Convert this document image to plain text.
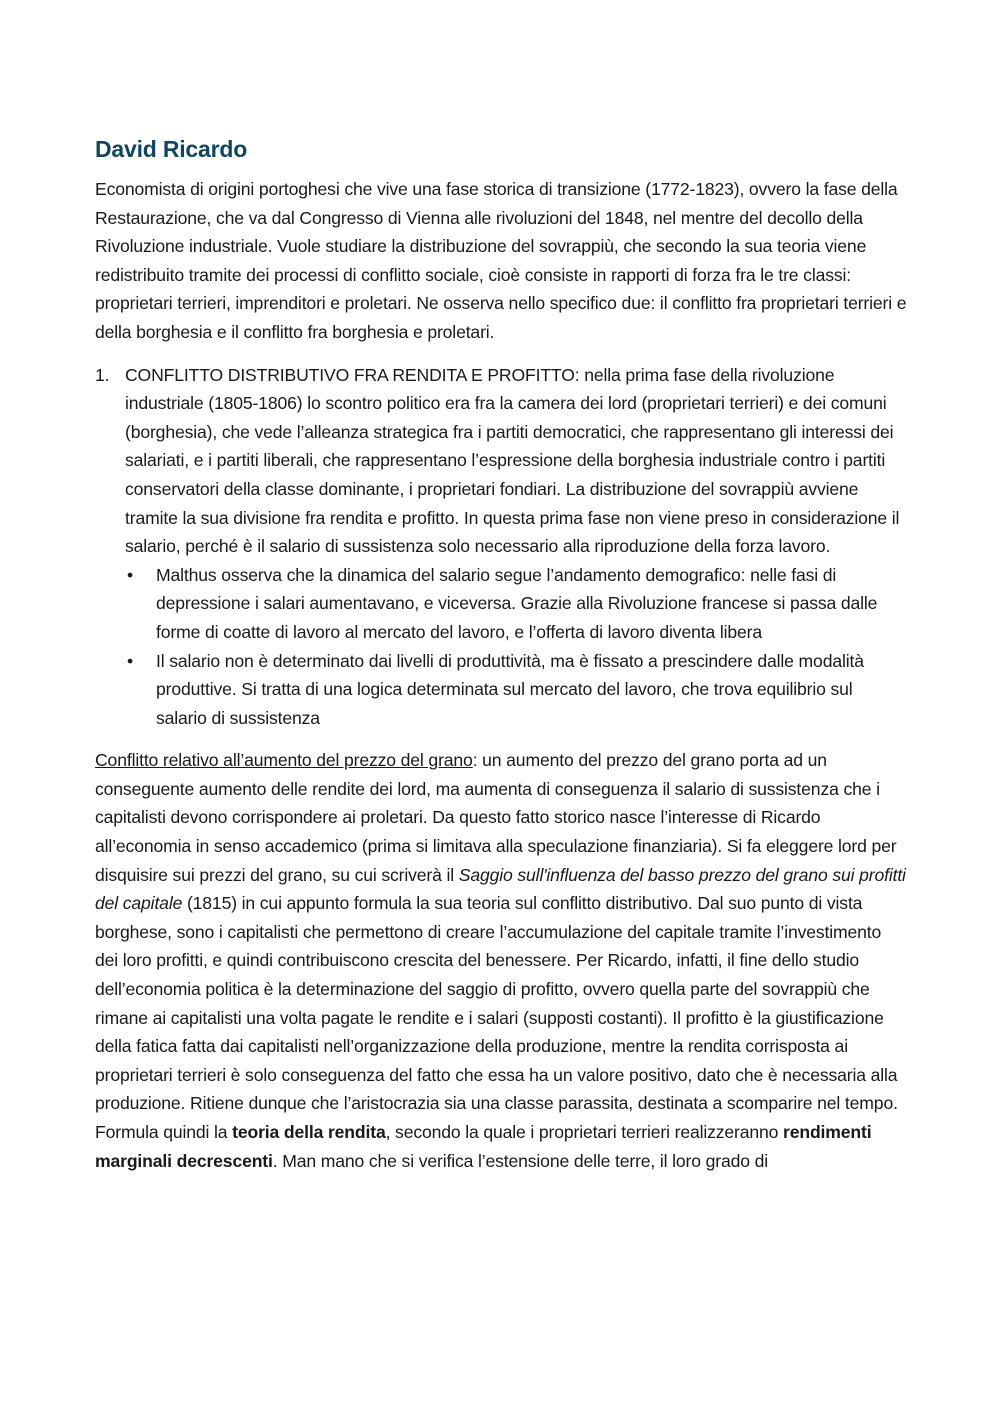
David Ricardo

Economista di origini portoghesi che vive una fase storica di transizione (1772-1823), ovvero la fase della Restaurazione, che va dal Congresso di Vienna alle rivoluzioni del 1848, nel mentre del decollo della Rivoluzione industriale. Vuole studiare la distribuzione del sovrappiù, che secondo la sua teoria viene redistribuito tramite dei processi di conflitto sociale, cioè consiste in rapporti di forza fra le tre classi: proprietari terrieri, imprenditori e proletari. Ne osserva nello specifico due: il conflitto fra proprietari terrieri e della borghesia e il conflitto fra borghesia e proletari.

1. CONFLITTO DISTRIBUTIVO FRA RENDITA E PROFITTO: nella prima fase della rivoluzione industriale (1805-1806) lo scontro politico era fra la camera dei lord (proprietari terrieri) e dei comuni (borghesia), che vede l’alleanza strategica fra i partiti democratici, che rappresentano gli interessi dei salariati, e i partiti liberali, che rappresentano l’espressione della borghesia industriale contro i partiti conservatori della classe dominante, i proprietari fondiari. La distribuzione del sovrappiù avviene tramite la sua divisione fra rendita e profitto. In questa prima fase non viene preso in considerazione il salario, perché è il salario di sussistenza solo necessario alla riproduzione della forza lavoro.
• Malthus osserva che la dinamica del salario segue l’andamento demografico: nelle fasi di depressione i salari aumentavano, e viceversa. Grazie alla Rivoluzione francese si passa dalle forme di coatte di lavoro al mercato del lavoro, e l’offerta di lavoro diventa libera
• Il salario non è determinato dai livelli di produttività, ma è fissato a prescindere dalle modalità produttive. Si tratta di una logica determinata sul mercato del lavoro, che trova equilibrio sul salario di sussistenza

Conflitto relativo all’aumento del prezzo del grano: un aumento del prezzo del grano porta ad un conseguente aumento delle rendite dei lord, ma aumenta di conseguenza il salario di sussistenza che i capitalisti devono corrispondere ai proletari. Da questo fatto storico nasce l’interesse di Ricardo all’economia in senso accademico (prima si limitava alla speculazione finanziaria). Si fa eleggere lord per disquisire sui prezzi del grano, su cui scriverà il Saggio sull'influenza del basso prezzo del grano sui profitti del capitale (1815) in cui appunto formula la sua teoria sul conflitto distributivo. Dal suo punto di vista borghese, sono i capitalisti che permettono di creare l’accumulazione del capitale tramite l’investimento dei loro profitti, e quindi contribuiscono crescita del benessere. Per Ricardo, infatti, il fine dello studio dell’economia politica è la determinazione del saggio di profitto, ovvero quella parte del sovrappiù che rimane ai capitalisti una volta pagate le rendite e i salari (supposti costanti). Il profitto è la giustificazione della fatica fatta dai capitalisti nell’organizzazione della produzione, mentre la rendita corrisposta ai proprietari terrieri è solo conseguenza del fatto che essa ha un valore positivo, dato che è necessaria alla produzione. Ritiene dunque che l’aristocrazia sia una classe parassita, destinata a scomparire nel tempo. Formula quindi la teoria della rendita, secondo la quale i proprietari terrieri realizzeranno rendimenti marginali decrescenti. Man mano che si verifica l’estensione delle terre, il loro grado di
